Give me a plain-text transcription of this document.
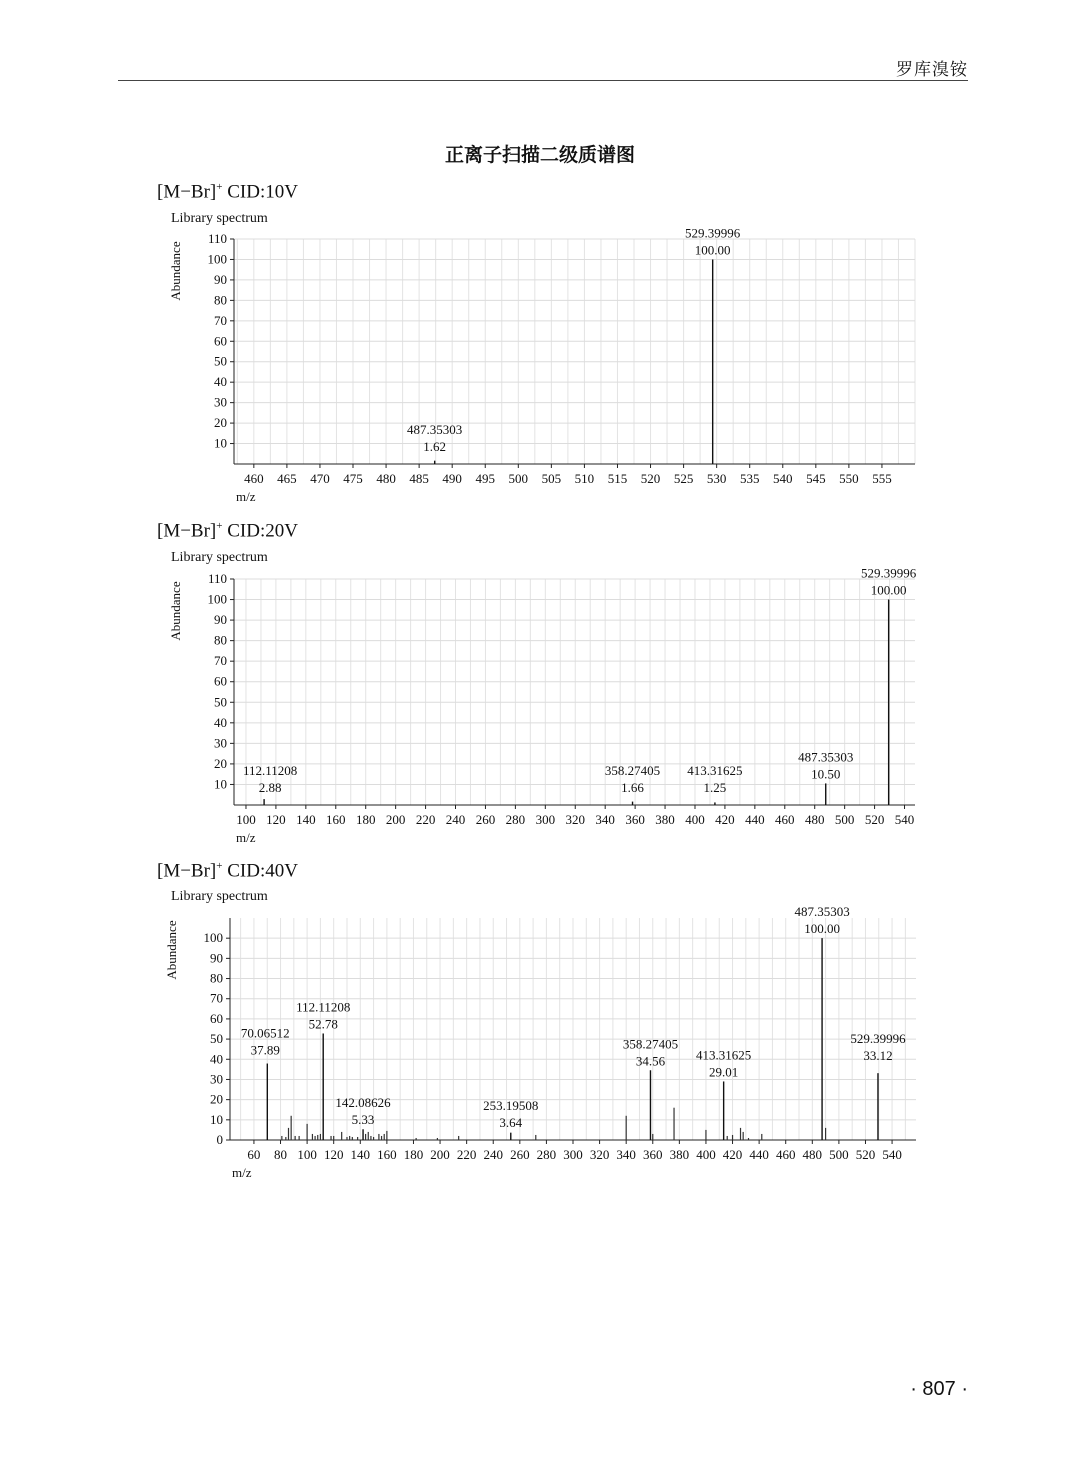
罗库溴铵
正离子扫描二级质谱图
[M−Br]+ CID:10V
Library spectrum
10
20
30
40
50
60
70
80
90
100
110
460 465 470 475 480 485 490 495 500 505 510 515 520 525 530 535 540 545 550 555
Abundance
m/z
487.35303
1.62
529.39996
100.00
[M−Br]+ CID:20V
Library spectrum
10
20
30
40
50
60
70
80
90
100
110
100 120 140 160 180 200 220 240 260 280 300 320 340 360 380 400 420 440 460 480 500 520 540
Abundance
m/z
112.11208
2.88
358.27405
1.66
413.31625
1.25
487.35303
10.50
529.39996
100.00
[M−Br]+ CID:40V
Library spectrum
0
10
20
30
40
50
60
70
80
90
100
60 80 100 120 140 160 180 200 220 240 260 280 300 320 340 360 380 400 420 440 460 480 500 520 540
Abundance
m/z
70.06512
37.89
112.11208
52.78
142.08626
5.33
253.19508
3.64
358.27405
34.56 413.31625
29.01
487.35303
100.00
529.39996
33.12
· 807 ·
